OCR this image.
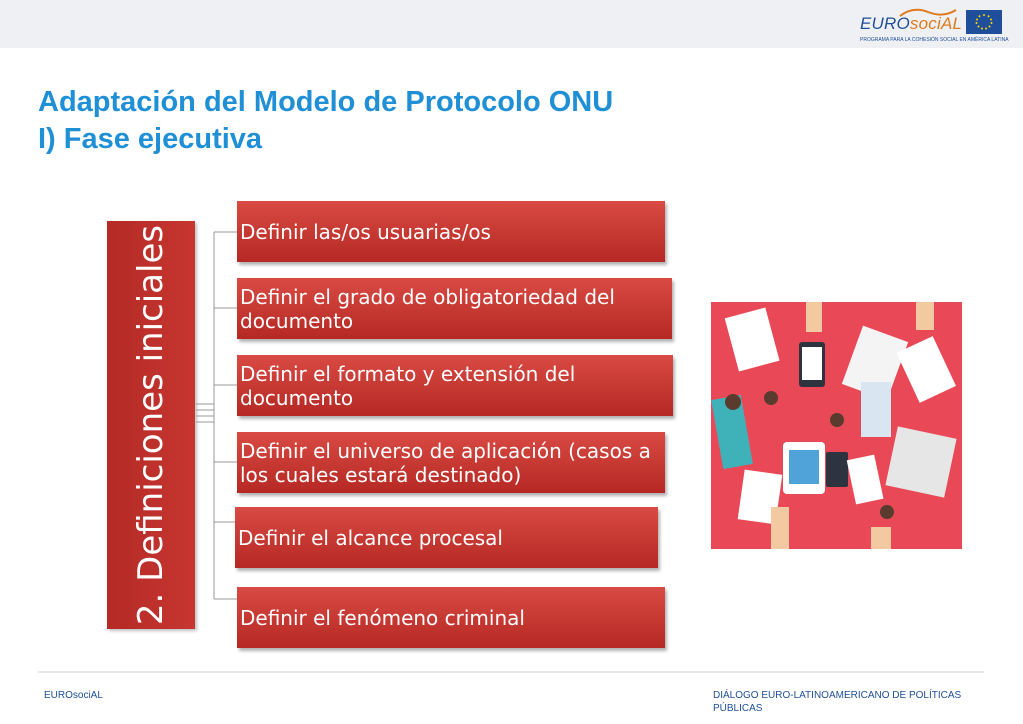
EUROsociAL
PROGRAMA PARA LA COHESIÓN SOCIAL EN AMÉRICA LATINA
Adaptación del Modelo de Protocolo ONU
I) Fase ejecutiva
2. Definiciones iniciales	Definir las/os usuarias/os
Definir el grado de obligatoriedad del documento
Definir el formato y extensión del documento
Definir el universo de aplicación (casos a los cuales estará destinado)
Definir el alcance procesal
Definir el fenómeno criminal
EUROsociAL	DIÁLOGO EURO-LATINOAMERICANO DE POLÍTICAS PÚBLICAS
